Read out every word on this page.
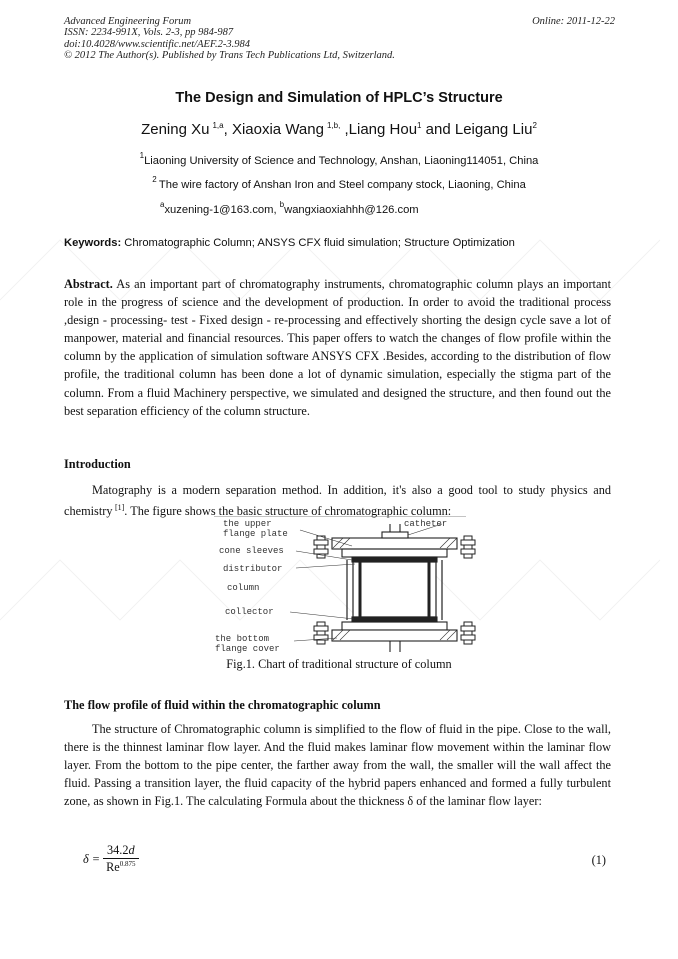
Advanced Engineering Forum
ISSN: 2234-991X, Vols. 2-3, pp 984-987
doi:10.4028/www.scientific.net/AEF.2-3.984
© 2012 The Author(s). Published by Trans Tech Publications Ltd, Switzerland.
Online: 2011-12-22
The Design and Simulation of HPLC’s Structure
Zening Xu  $^{1,a}$, Xiaoxia Wang  $^{1,b,}$ ,Liang Hou$^1$ and Leigang Liu$^2$
$^1$Liaoning University of Science and Technology, Anshan, Liaoning114051, China
$^2$  The wire factory of Anshan Iron and Steel company stock, Liaoning, China
$^a$xuzening-1@163.com, $^b$wangxiaoxiahhh@126.com
Keywords: Chromatographic Column; ANSYS CFX fluid simulation; Structure Optimization
Abstract. As an important part of chromatography instruments, chromatographic column plays an important role in the progress of science and the development of production. In order to avoid the traditional process ,design - processing- test - Fixed design - re-processing and effectively shorting the design cycle save a lot of manpower, material and financial resources. This paper offers to watch the changes of flow profile within the column by the application of simulation software ANSYS CFX .Besides, according to the distribution of flow profile, the traditional column has been done a lot of dynamic simulation, especially the stigma part of the column. From a fluid Machinery perspective, we simulated and designed the structure, and then found out the best separation efficiency of the column structure.
Introduction
Matography is a modern separation method. In addition, it's also a good tool to study physics and chemistry  [1]. The figure shows the basic structure of chromatographic column:
the upper
flange plate
catheter
cone sleeves
distributor
column
collector
the bottom
flange cover
Fig.1. Chart of traditional structure of column
The flow profile of fluid within the chromatographic column
The structure of Chromatographic column is simplified to the flow of fluid in the pipe. Close to the wall, there is the thinnest laminar flow layer. And the fluid makes laminar flow movement within the laminar flow layer. From the bottom to the pipe center, the farther away from the wall, the smaller will the wall affect the fluid. Passing a transition layer, the fluid capacity of the hybrid papers enhanced and formed a fully turbulent zone, as shown in Fig.1. The calculating Formula about the thickness δ of the laminar flow layer:
δ =	34.2d
$Re^{0.875}$	(1)
